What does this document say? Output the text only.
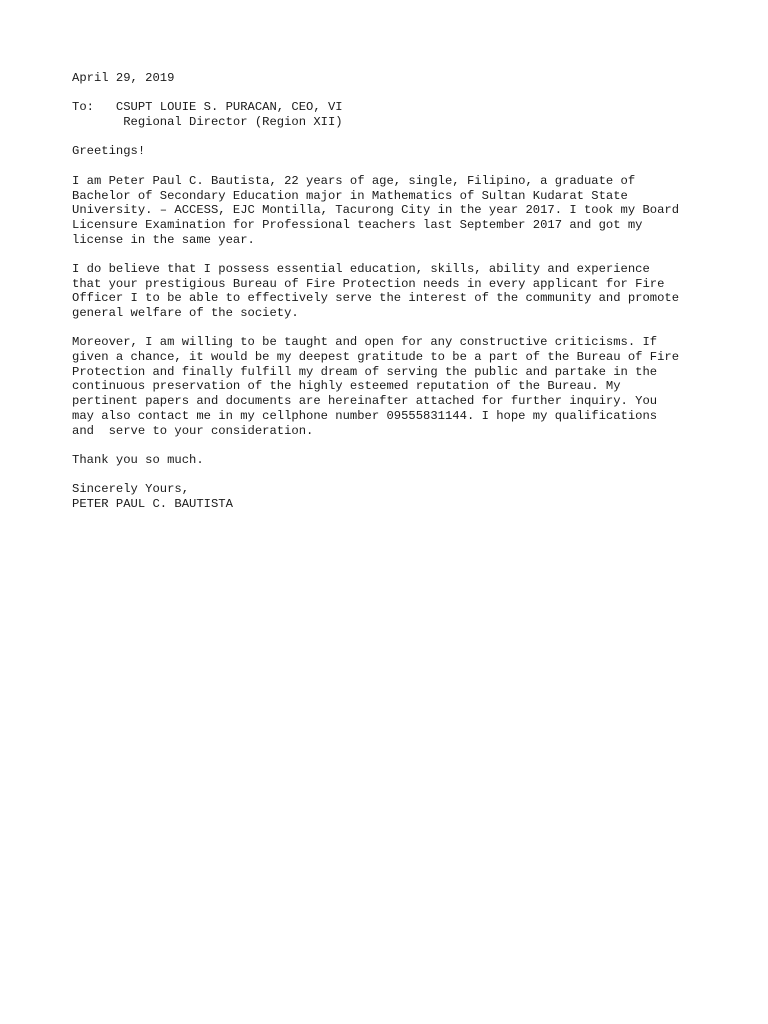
April 29, 2019
To:   CSUPT LOUIE S. PURACAN, CEO, VI
Regional Director (Region XII)
Greetings!
I am Peter Paul C. Bautista, 22 years of age, single, Filipino, a graduate of
Bachelor of Secondary Education major in Mathematics of Sultan Kudarat State
University. – ACCESS, EJC Montilla, Tacurong City in the year 2017. I took my Board
Licensure Examination for Professional teachers last September 2017 and got my
license in the same year.
I do believe that I possess essential education, skills, ability and experience
that your prestigious Bureau of Fire Protection needs in every applicant for Fire
Officer I to be able to effectively serve the interest of the community and promote
general welfare of the society.
Moreover, I am willing to be taught and open for any constructive criticisms. If
given a chance, it would be my deepest gratitude to be a part of the Bureau of Fire
Protection and finally fulfill my dream of serving the public and partake in the
continuous preservation of the highly esteemed reputation of the Bureau. My
pertinent papers and documents are hereinafter attached for further inquiry. You
may also contact me in my cellphone number 09555831144. I hope my qualifications
and  serve to your consideration.
Thank you so much.
Sincerely Yours,
PETER PAUL C. BAUTISTA
